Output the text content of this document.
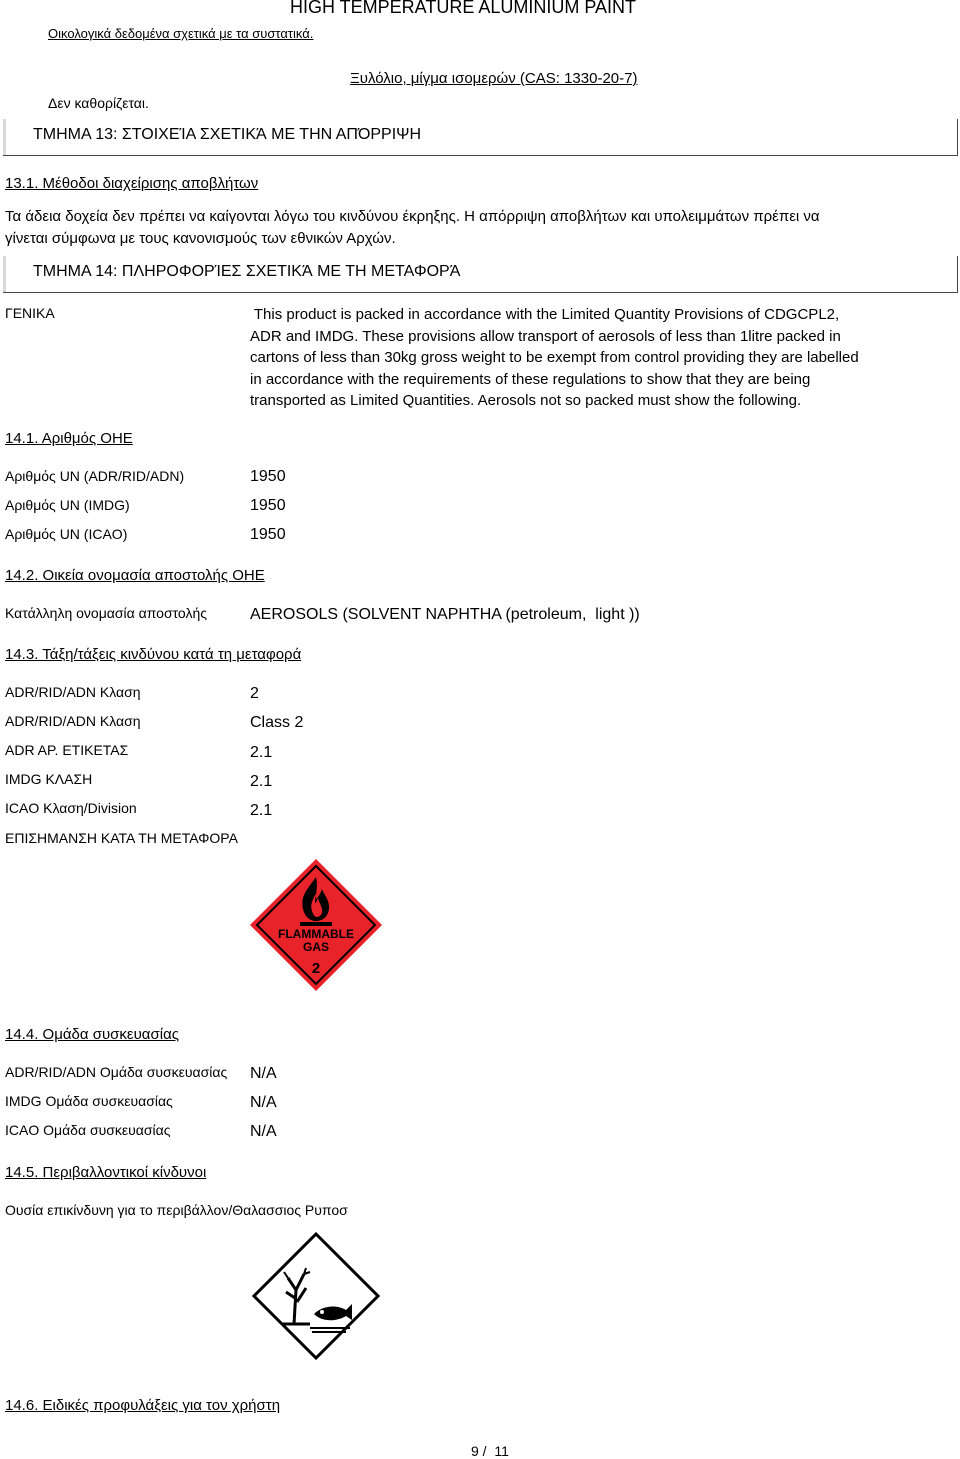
HIGH TEMPERATURE ALUMINIUM PAINT
Οικολογικά δεδομένα σχετικά με τα συστατικά.
Ξυλόλιο, μίγμα ισομερών (CAS: 1330-20-7)
Δεν καθορίζεται.
ΤΜΗΜΑ 13: ΣΤΟΙΧΕΊΑ ΣΧΕΤΙΚΆ ΜΕ ΤΗΝ ΑΠΌΡΡΙΨΗ
13.1. Μέθοδοι διαχείρισης αποβλήτων
Τα άδεια δοχεία δεν πρέπει να καίγονται λόγω του κινδύνου έκρηξης. Η απόρριψη αποβλήτων και υπολειμμάτων πρέπει να
γίνεται σύμφωνα με τους κανονισμούς των εθνικών Αρχών.
ΤΜΗΜΑ 14: ΠΛΗΡΟΦΟΡΊΕΣ ΣΧΕΤΙΚΆ ΜΕ ΤΗ ΜΕΤΑΦΟΡΆ
ΓΕΝΙΚΑ	This product is packed in accordance with the Limited Quantity Provisions of CDGCPL2,
ADR and IMDG. These provisions allow transport of aerosols of less than 1litre packed in
cartons of less than 30kg gross weight to be exempt from control providing they are labelled
in accordance with the requirements of these regulations to show that they are being
transported as Limited Quantities. Aerosols not so packed must show the following.
14.1. Αριθμός ΟΗΕ
Αριθμός UN (ADR/RID/ADN)	1950
Αριθμός UN (IMDG)	1950
Αριθμός UN (ICAO)	1950
14.2. Οικεία ονομασία αποστολής ΟΗΕ
Κατάλληλη ονομασία αποστολής	AEROSOLS (SOLVENT NAPHTHA (petroleum,  light ))
14.3. Τάξη/τάξεις κινδύνου κατά τη μεταφορά
ADR/RID/ADN Κλαση	2
ADR/RID/ADN Κλαση	Class 2
ADR AP. ΕΤΙΚΕΤΑΣ	2.1
IMDG ΚΛΑΣΗ	2.1
ICAO Κλαση/Division	2.1
ΕΠΙΣΗΜΑΝΣΗ ΚΑΤΑ ΤΗ ΜΕΤΑΦΟΡΑ
FLAMMABLE
GAS
2
14.4. Ομάδα συσκευασίας
ADR/RID/ADN Ομάδα συσκευασίας N/A
IMDG Ομάδα συσκευασίας	N/A
ICAO Ομάδα συσκευασίας	N/A
14.5. Περιβαλλοντικοί κίνδυνοι
Ουσία επικίνδυνη για το περιβάλλον/Θαλασσιος Ρυποσ
14.6. Ειδικές προφυλάξεις για τον χρήστη
9 /  11
